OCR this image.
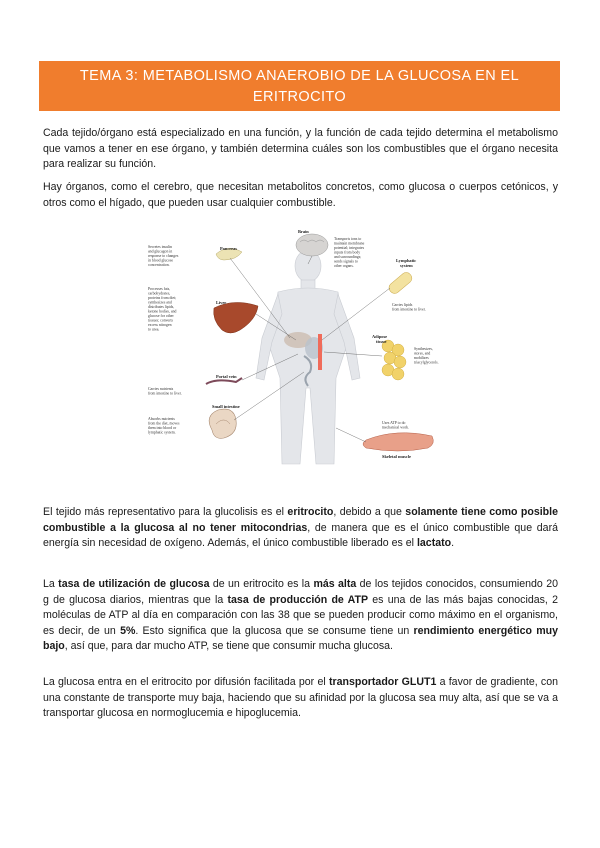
TEMA 3: METABOLISMO ANAEROBIO DE LA GLUCOSA EN EL ERITROCITO

Cada tejido/órgano está especializado en una función, y la función de cada tejido determina el metabolismo que vamos a tener en ese órgano, y también determina cuáles son los combustibles que el órgano necesita para realizar su función.

Hay órganos, como el cerebro, que necesitan metabolitos concretos, como glucosa o cuerpos cetónicos, y otros como el hígado, que pueden usar cualquier combustible.

Pancreas
Secretes insulin
and glucagon in
response to changes
in blood glucose
concentration.
Brain
Transports ions to
maintain membrane
potential; integrates
inputs from body
and surroundings;
sends signals to
other organs.
Lymphatic
system
Carries lipids
from intestine to liver.
Liver
Processes fats,
carbohydrates,
proteins from diet;
synthesizes and
distributes lipids,
ketone bodies, and
glucose for other
tissues; converts
excess nitrogen
to urea.
Adipose
tissue
Synthesizes,
stores, and
mobilizes
triacylglycerols.
Portal vein
Carries nutrients
from intestine to liver.
Small intestine
Absorbs nutrients
from the diet, moves
them into blood or
lymphatic system.
Uses ATP to do
mechanical work.
Skeletal muscle

El tejido más representativo para la glucolisis es el eritrocito, debido a que solamente tiene como posible combustible a la glucosa al no tener mitocondrias, de manera que es el único combustible que dará energía sin necesidad de oxígeno. Además, el único combustible liberado es el lactato.

La tasa de utilización de glucosa de un eritrocito es la más alta de los tejidos conocidos, consumiendo 20 g de glucosa diarios, mientras que la tasa de producción de ATP es una de las más bajas conocidas, 2 moléculas de ATP al día en comparación con las 38 que se pueden producir como máximo en el organismo, es decir, de un 5%. Esto significa que la glucosa que se consume tiene un rendimiento energético muy bajo, así que, para dar mucho ATP, se tiene que consumir mucha glucosa.

La glucosa entra en el eritrocito por difusión facilitada por el transportador GLUT1 a favor de gradiente, con una constante de transporte muy baja, haciendo que su afinidad por la glucosa sea muy alta, así que se va a transportar glucosa en normoglucemia e hipoglucemia.
